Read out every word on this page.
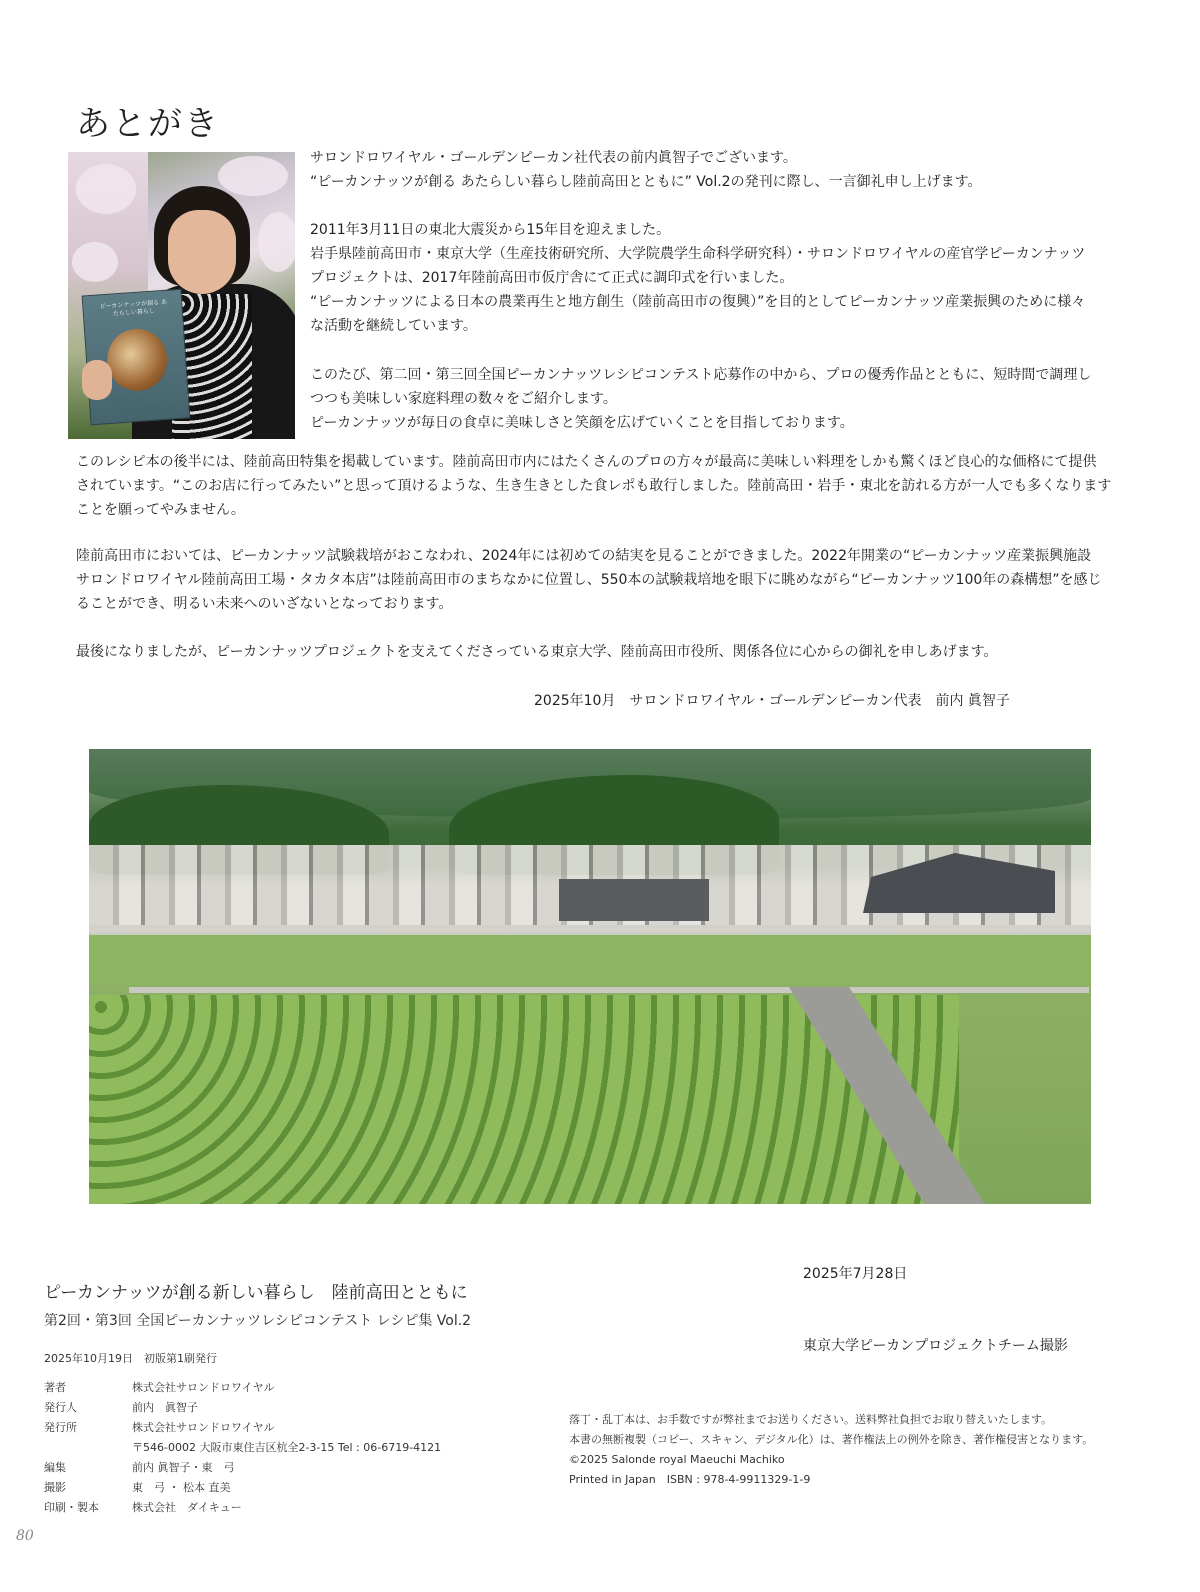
あとがき
ピーカンナッツが創る あたらしい暮らし

サロンドロワイヤル・ゴールデンピーカン社代表の前内眞智子でございます。

“ピーカンナッツが創る あたらしい暮らし陸前高田とともに” Vol.2の発刊に際し、一言御礼申し上げます。

2011年3月11日の東北大震災から15年目を迎えました。

岩手県陸前高田市・東京大学（生産技術研究所、大学院農学生命科学研究科）・サロンドロワイヤルの産官学ピーカンナッツ

プロジェクトは、2017年陸前高田市仮庁舎にて正式に調印式を行いました。

“ピーカンナッツによる日本の農業再生と地方創生（陸前高田市の復興）”を目的としてピーカンナッツ産業振興のために様々

な活動を継続しています。

このたび、第二回・第三回全国ピーカンナッツレシピコンテスト応募作の中から、プロの優秀作品とともに、短時間で調理し

つつも美味しい家庭料理の数々をご紹介します。

ピーカンナッツが毎日の食卓に美味しさと笑顔を広げていくことを目指しております。

このレシピ本の後半には、陸前高田特集を掲載しています。陸前高田市内にはたくさんのプロの方々が最高に美味しい料理をしかも驚くほど良心的な価格にて提供

されています。“このお店に行ってみたい”と思って頂けるような、生き生きとした食レポも敢行しました。陸前高田・岩手・東北を訪れる方が一人でも多くなります

ことを願ってやみません。

陸前高田市においては、ピーカンナッツ試験栽培がおこなわれ、2024年には初めての結実を見ることができました。2022年開業の“ピーカンナッツ産業振興施設

サロンドロワイヤル陸前高田工場・タカタ本店”は陸前高田市のまちなかに位置し、550本の試験栽培地を眼下に眺めながら“ピーカンナッツ100年の森構想”を感じ

ることができ、明るい未来へのいざないとなっております。

最後になりましたが、ピーカンナッツプロジェクトを支えてくださっている東京大学、陸前高田市役所、関係各位に心からの御礼を申しあげます。

2025年10月　サロンドロワイヤル・ゴールデンピーカン代表　前内 眞智子

2025年7月28日

東京大学ピーカンプロジェクトチーム撮影

ピーカンナッツが創る新しい暮らし　陸前高田とともに
第2回・第3回 全国ピーカンナッツレシピコンテスト レシピ集 Vol.2
2025年10月19日　初版第1刷発行
著者	株式会社サロンドロワイヤル
発行人	前内　眞智子
発行所	株式会社サロンドロワイヤル
〒546-0002 大阪市東住吉区杭全2-3-15 Tel : 06-6719-4121
編集	前内 眞智子・東　弓
撮影	東　弓 ・ 松本 直美
印刷・製本	株式会社　ダイキュー
落丁・乱丁本は、お手数ですが弊社までお送りください。送料弊社負担でお取り替えいたします。
本書の無断複製（コピー、スキャン、デジタル化）は、著作権法上の例外を除き、著作権侵害となります。
©2025 Salonde royal Maeuchi Machiko
Printed in Japan　ISBN : 978-4-9911329-1-9
80
